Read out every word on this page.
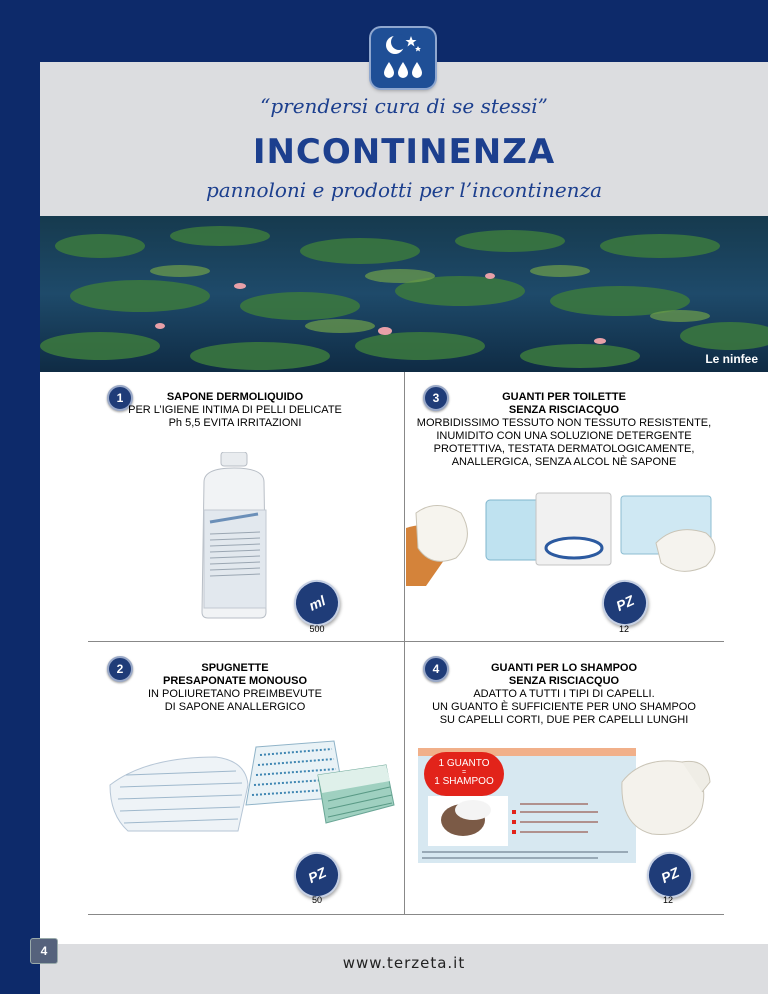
“prendersi cura di se stessi”
INCONTINENZA
pannoloni e prodotti per l’incontinenza
Le ninfee
1	SAPONE DERMOLIQUIDO
PER L’IGIENE INTIMA DI PELLI DELICATE
Ph 5,5 EVITA IRRITAZIONI
ml
500
3	GUANTI PER TOILETTE
SENZA RISCIACQUO
MORBIDISSIMO TESSUTO NON TESSUTO RESISTENTE,
INUMIDITO CON UNA SOLUZIONE DETERGENTE
PROTETTIVA, TESTATA DERMATOLOGICAMENTE,
ANALLERGICA, SENZA ALCOL NÈ SAPONE
PZ
12
2	SPUGNETTE
PRESAPONATE MONOUSO
IN POLIURETANO PREIMBEVUTE
DI SAPONE ANALLERGICO
PZ
50
4	GUANTI PER LO SHAMPOO
SENZA RISCIACQUO
ADATTO A TUTTI I TIPI DI CAPELLI.
UN GUANTO È SUFFICIENTE PER UNO SHAMPOO
SU CAPELLI CORTI, DUE PER CAPELLI LUNGHI
1 GUANTO
=
1 SHAMPOO
PZ
12
4
www.terzeta.it
